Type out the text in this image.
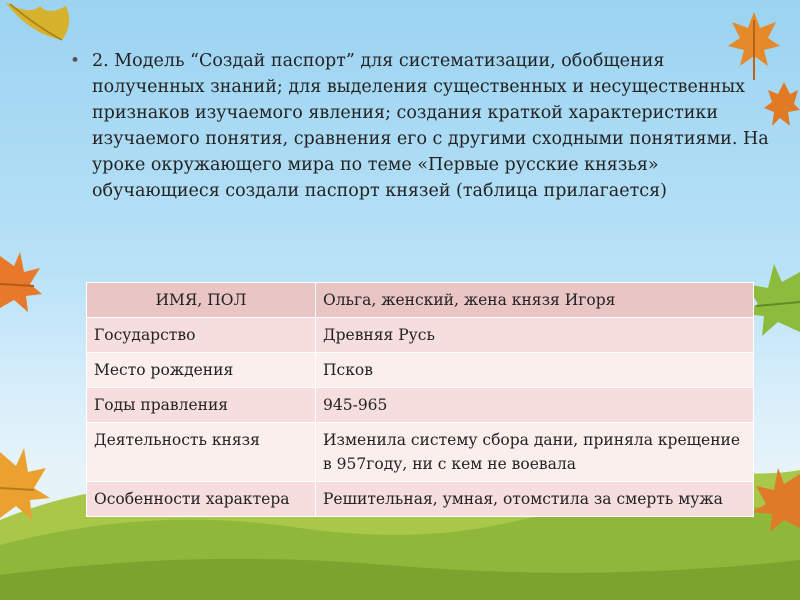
• 2. Модель “Создай паспорт” для систематизации, обобщения полученных знаний; для выделения существенных и несущественных признаков изучаемого явления; создания краткой характеристики изучаемого понятия, сравнения его с другими сходными понятиями. На уроке окружающего мира по теме «Первые русские князья» обучающиеся создали паспорт князей (таблица прилагается)
ИМЯ, ПОЛ	Ольга, женский, жена князя Игоря
Государство	Древняя Русь
Место рождения	Псков
Годы правления	945-965
Деятельность князя	Изменила систему сбора дани, приняла крещение в 957году, ни с кем не воевала
Особенности характера	Решительная, умная, отомстила за смерть мужа
